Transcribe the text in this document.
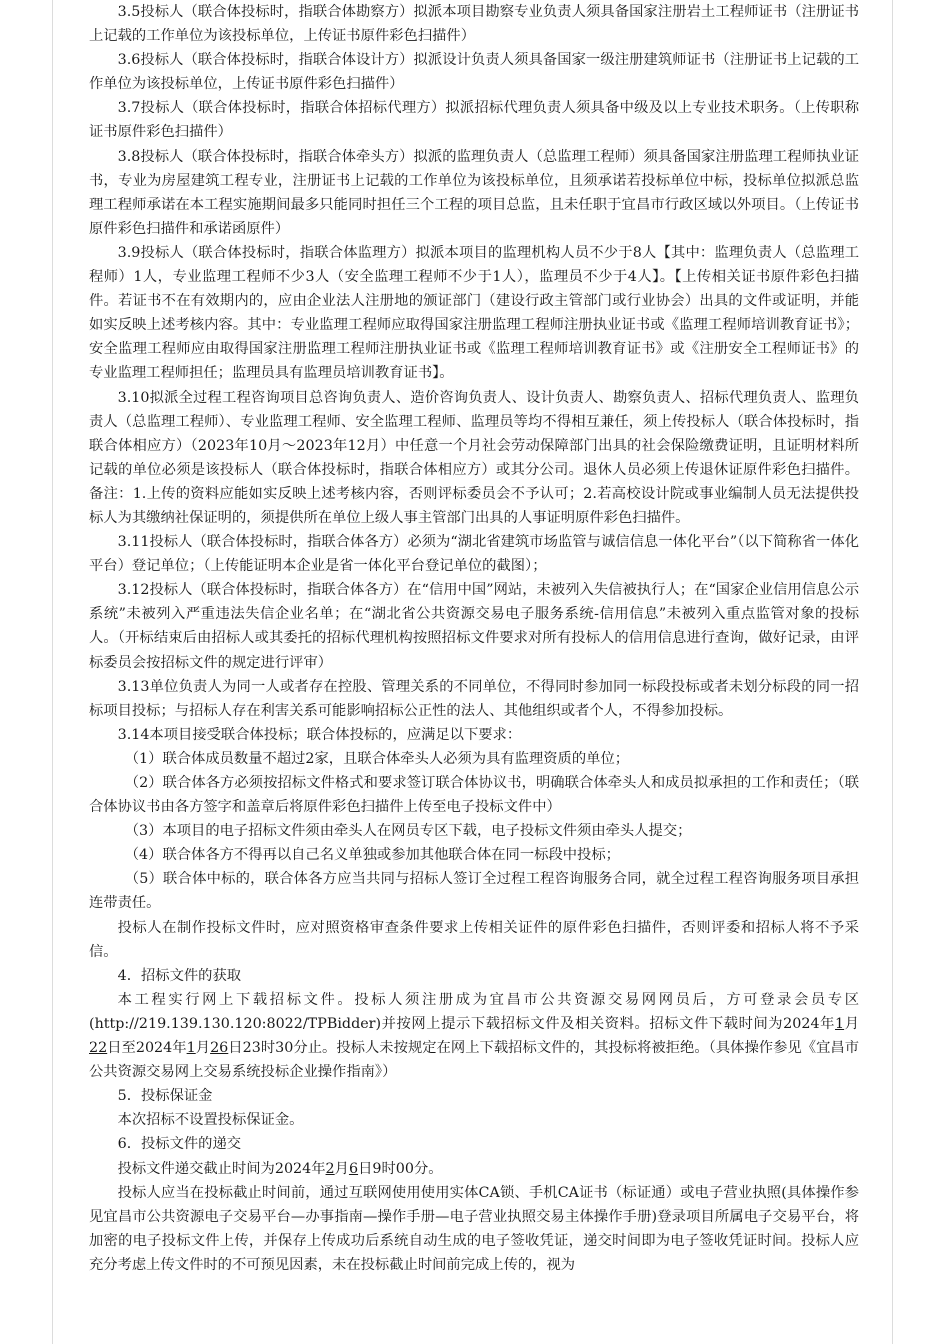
3.5投标人（联合体投标时，指联合体勘察方）拟派本项目勘察专业负责人须具备国家注册岩土工程师证书（注册证书上记载的工作单位为该投标单位，上传证书原件彩色扫描件）

3.6投标人（联合体投标时，指联合体设计方）拟派设计负责人须具备国家一级注册建筑师证书（注册证书上记载的工作单位为该投标单位，上传证书原件彩色扫描件）

3.7投标人（联合体投标时，指联合体招标代理方）拟派招标代理负责人须具备中级及以上专业技术职务。（上传职称证书原件彩色扫描件）

3.8投标人（联合体投标时，指联合体牵头方）拟派的监理负责人（总监理工程师）须具备国家注册监理工程师执业证书，专业为房屋建筑工程专业，注册证书上记载的工作单位为该投标单位，且须承诺若投标单位中标，投标单位拟派总监理工程师承诺在本工程实施期间最多只能同时担任三个工程的项目总监，且未任职于宜昌市行政区域以外项目。（上传证书原件彩色扫描件和承诺函原件）

3.9投标人（联合体投标时，指联合体监理方）拟派本项目的监理机构人员不少于8人【其中：监理负责人（总监理工程师）1人，专业监理工程师不少3人（安全监理工程师不少于1人），监理员不少于4人】。【上传相关证书原件彩色扫描件。若证书不在有效期内的，应由企业法人注册地的颁证部门（建设行政主管部门或行业协会）出具的文件或证明，并能如实反映上述考核内容。其中：专业监理工程师应取得国家注册监理工程师注册执业证书或《监理工程师培训教育证书》；安全监理工程师应由取得国家注册监理工程师注册执业证书或《监理工程师培训教育证书》或《注册安全工程师证书》的专业监理工程师担任；监理员具有监理员培训教育证书】。

3.10拟派全过程工程咨询项目总咨询负责人、造价咨询负责人、设计负责人、勘察负责人、招标代理负责人、监理负责人（总监理工程师）、专业监理工程师、安全监理工程师、监理员等均不得相互兼任，须上传投标人（联合体投标时，指联合体相应方）（2023年10月～2023年12月）中任意一个月社会劳动保障部门出具的社会保险缴费证明，且证明材料所记载的单位必须是该投标人（联合体投标时，指联合体相应方）或其分公司。退休人员必须上传退休证原件彩色扫描件。备注：1.上传的资料应能如实反映上述考核内容，否则评标委员会不予认可；2.若高校设计院或事业编制人员无法提供投标人为其缴纳社保证明的，须提供所在单位上级人事主管部门出具的人事证明原件彩色扫描件。

3.11投标人（联合体投标时，指联合体各方）必须为“湖北省建筑市场监管与诚信信息一体化平台”（以下简称省一体化平台）登记单位；（上传能证明本企业是省一体化平台登记单位的截图）；

3.12投标人（联合体投标时，指联合体各方）在“信用中国”网站，未被列入失信被执行人；在“国家企业信用信息公示系统”未被列入严重违法失信企业名单；在“湖北省公共资源交易电子服务系统-信用信息”未被列入重点监管对象的投标人。（开标结束后由招标人或其委托的招标代理机构按照招标文件要求对所有投标人的信用信息进行查询，做好记录，由评标委员会按招标文件的规定进行评审）

3.13单位负责人为同一人或者存在控股、管理关系的不同单位，不得同时参加同一标段投标或者未划分标段的同一招标项目投标；与招标人存在利害关系可能影响招标公正性的法人、其他组织或者个人，不得参加投标。

3.14本项目接受联合体投标；联合体投标的，应满足以下要求：

（1）联合体成员数量不超过2家，且联合体牵头人必须为具有监理资质的单位；

（2）联合体各方必须按招标文件格式和要求签订联合体协议书，明确联合体牵头人和成员拟承担的工作和责任；（联合体协议书由各方签字和盖章后将原件彩色扫描件上传至电子投标文件中）

（3）本项目的电子招标文件须由牵头人在网员专区下载，电子投标文件须由牵头人提交；

（4）联合体各方不得再以自己名义单独或参加其他联合体在同一标段中投标；

（5）联合体中标的，联合体各方应当共同与招标人签订全过程工程咨询服务合同，就全过程工程咨询服务项目承担连带责任。

投标人在制作投标文件时，应对照资格审查条件要求上传相关证件的原件彩色扫描件，否则评委和招标人将不予采信。

4．招标文件的获取

本工程实行网上下载招标文件。投标人须注册成为宜昌市公共资源交易网网员后，方可登录会员专区(http://219.139.130.120:8022/TPBidder)并按网上提示下载招标文件及相关资料。招标文件下载时间为2024年1月22日至2024年1月26日23时30分止。投标人未按规定在网上下载招标文件的，其投标将被拒绝。（具体操作参见《宜昌市公共资源交易网上交易系统投标企业操作指南》）

5．投标保证金

本次招标不设置投标保证金。

6．投标文件的递交

投标文件递交截止时间为2024年2月6日9时00分。

投标人应当在投标截止时间前，通过互联网使用使用实体CA锁、手机CA证书（标证通）或电子营业执照(具体操作参见宜昌市公共资源电子交易平台—办事指南—操作手册—电子营业执照交易主体操作手册)登录项目所属电子交易平台，将加密的电子投标文件上传，并保存上传成功后系统自动生成的电子签收凭证，递交时间即为电子签收凭证时间。投标人应充分考虑上传文件时的不可预见因素，未在投标截止时间前完成上传的，视为
